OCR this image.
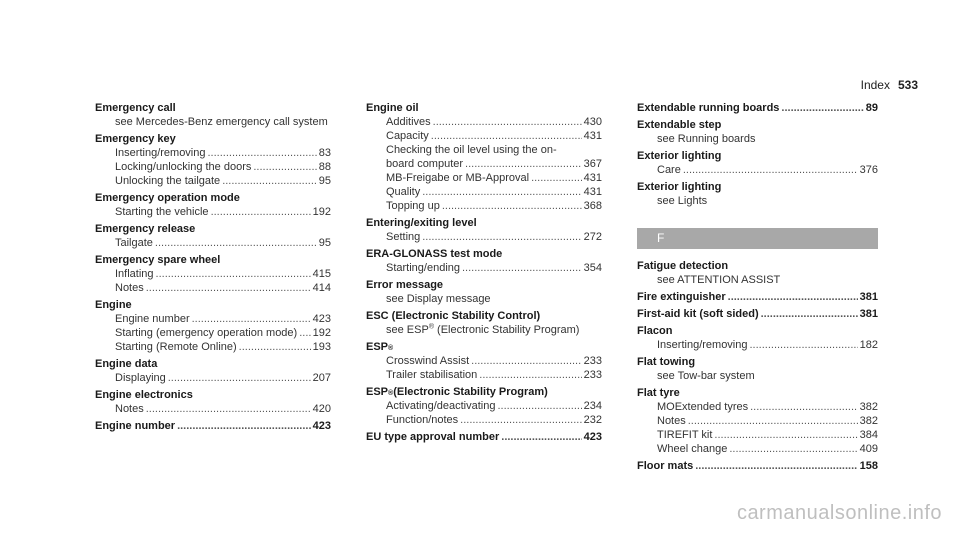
Index 533
Emergency call
see Mercedes-Benz emergency call system
Emergency key
Inserting/removing .....	83
Locking/unlocking the doors .....	88
Unlocking the tailgate .....	95
Emergency operation mode
Starting the vehicle .....	192
Emergency release
Tailgate .....	95
Emergency spare wheel
Inflating .....	415
Notes .....	414
Engine
Engine number .....	423
Starting (emergency operation mode) ..... 192
Starting (Remote Online) .....	193
Engine data
Displaying .....	207
Engine electronics
Notes .....	420
Engine number .....	423
Engine oil
Additives .....	430
Capacity .....	431
Checking the oil level using the on-
board computer .....	367
MB-Freigabe or MB-Approval .....	431
Quality .....	431
Topping up .....	368
Entering/exiting level
Setting .....	272
ERA-GLONASS test mode
Starting/ending .....	354
Error message
see Display message
ESC (Electronic Stability Control)
see ESP® (Electronic Stability Program)
ESP ®
Crosswind Assist .....	233
Trailer stabilisation .....	233
ESP ® (Electronic Stability Program)
Activating/deactivating .....	234
Function/notes .....	232
EU type approval number .....	423
Extendable running boards .....	89
Extendable step
see Running boards
Exterior lighting
Care .....	376
Exterior lighting
see Lights
F
Fatigue detection
see ATTENTION ASSIST
Fire extinguisher .....	381
First-aid kit (soft sided) .....	381
Flacon
Inserting/removing .....	182
Flat towing
see Tow-bar system
Flat tyre
MOExtended tyres .....	382
Notes .....	382
TIREFIT kit .....	384
Wheel change .....	409
Floor mats .....	158
carmanualsonline.info
